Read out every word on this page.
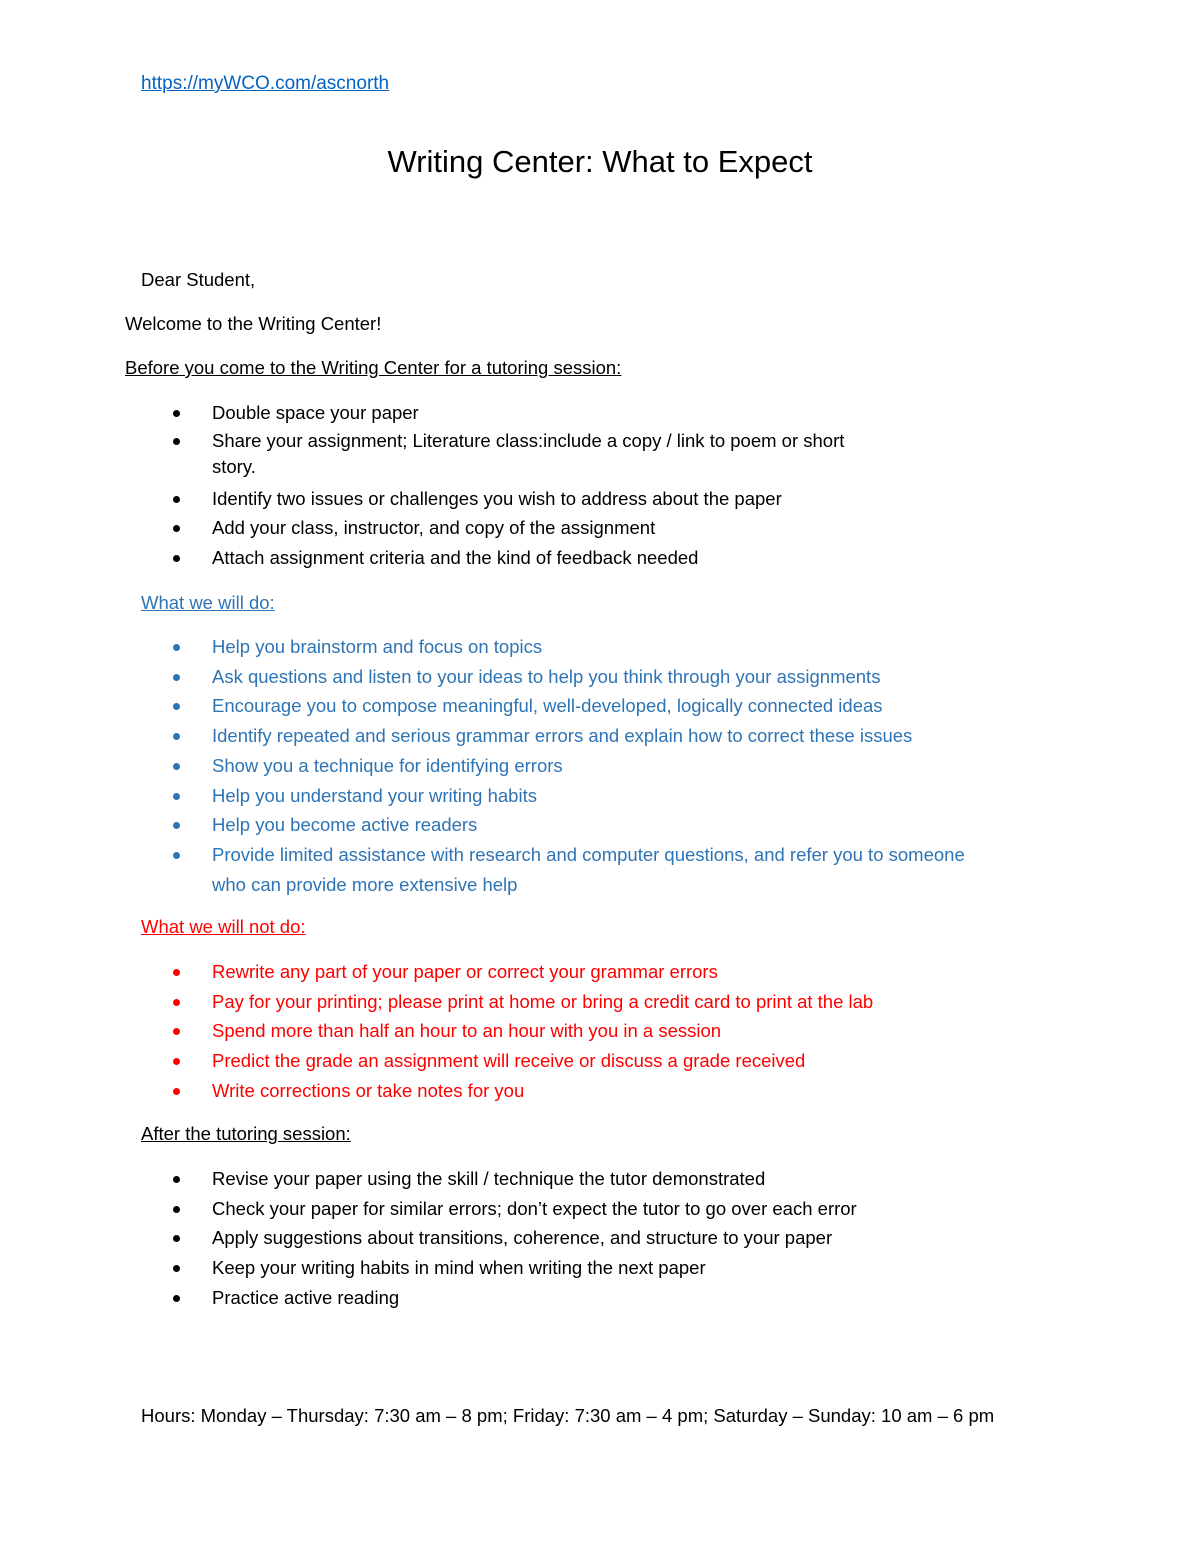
https://myWCO.com/ascnorth
Writing Center: What to Expect
Dear Student,
Welcome to the Writing Center!
Before you come to the Writing Center for a tutoring session:
Double space your paper
Share your assignment; Literature class:include a copy / link to poem or short
story.
Identify two issues or challenges you wish to address about the paper
Add your class, instructor, and copy of the assignment
Attach assignment criteria and the kind of feedback needed
What we will do:
Help you brainstorm and focus on topics
Ask questions and listen to your ideas to help you think through your assignments
Encourage you to compose meaningful, well-developed, logically connected ideas
Identify repeated and serious grammar errors and explain how to correct these issues
Show you a technique for identifying errors
Help you understand your writing habits
Help you become active readers
Provide limited assistance with research and computer questions, and refer you to someone
who can provide more extensive help
What we will not do:
Rewrite any part of your paper or correct your grammar errors
Pay for your printing; please print at home or bring a credit card to print at the lab
Spend more than half an hour to an hour with you in a session
Predict the grade an assignment will receive or discuss a grade received
Write corrections or take notes for you
After the tutoring session:
Revise your paper using the skill / technique the tutor demonstrated
Check your paper for similar errors; don’t expect the tutor to go over each error
Apply suggestions about transitions, coherence, and structure to your paper
Keep your writing habits in mind when writing the next paper
Practice active reading
Hours: Monday – Thursday: 7:30 am – 8 pm; Friday: 7:30 am – 4 pm; Saturday – Sunday: 10 am – 6 pm
